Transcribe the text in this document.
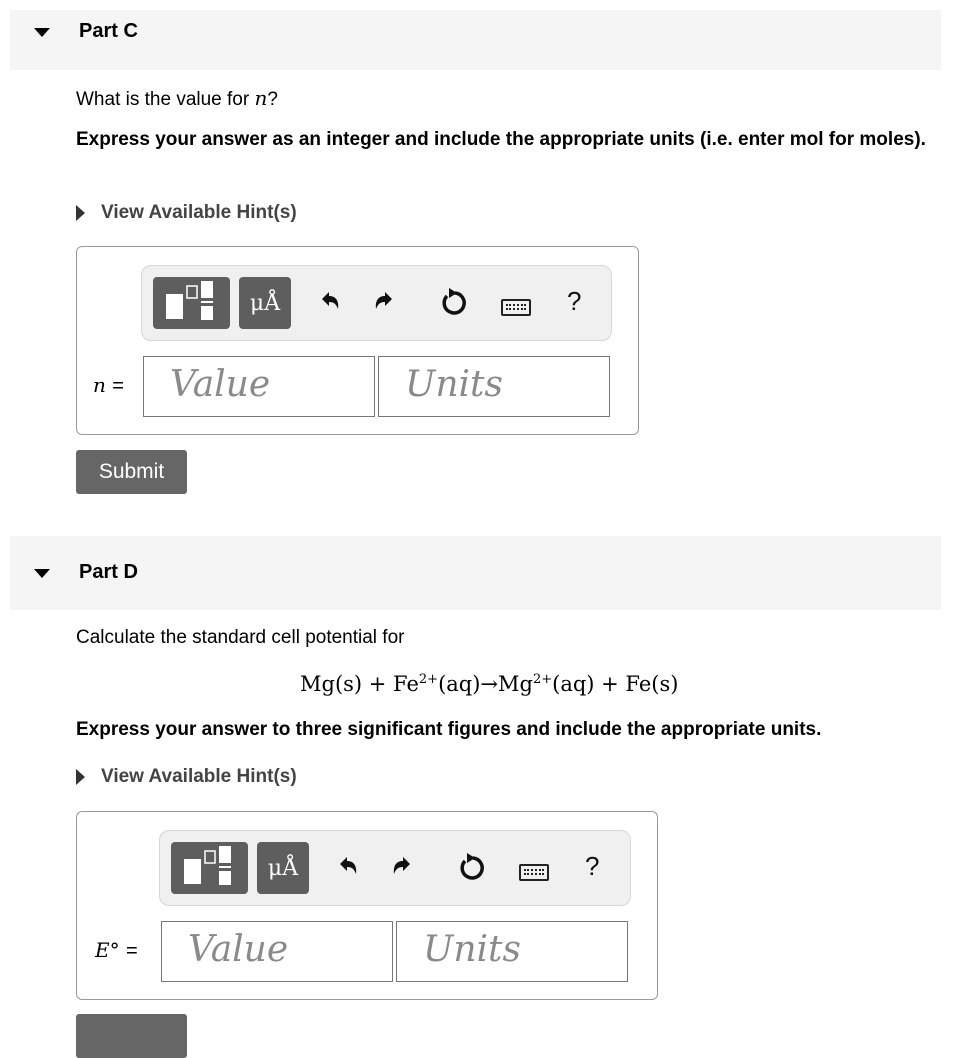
Part C
What is the value for n?
Express your answer as an integer and include the appropriate units (i.e. enter mol for moles).
View Available Hint(s)
μÅ	?
n =	Value	Units
Submit
Part D
Calculate the standard cell potential for
$Mg(s) + Fe^{2+}(aq)\to Mg^{2+}(aq) + Fe(s)$
Express your answer to three significant figures and include the appropriate units.
View Available Hint(s)
μÅ	?
E° =	Value	Units
